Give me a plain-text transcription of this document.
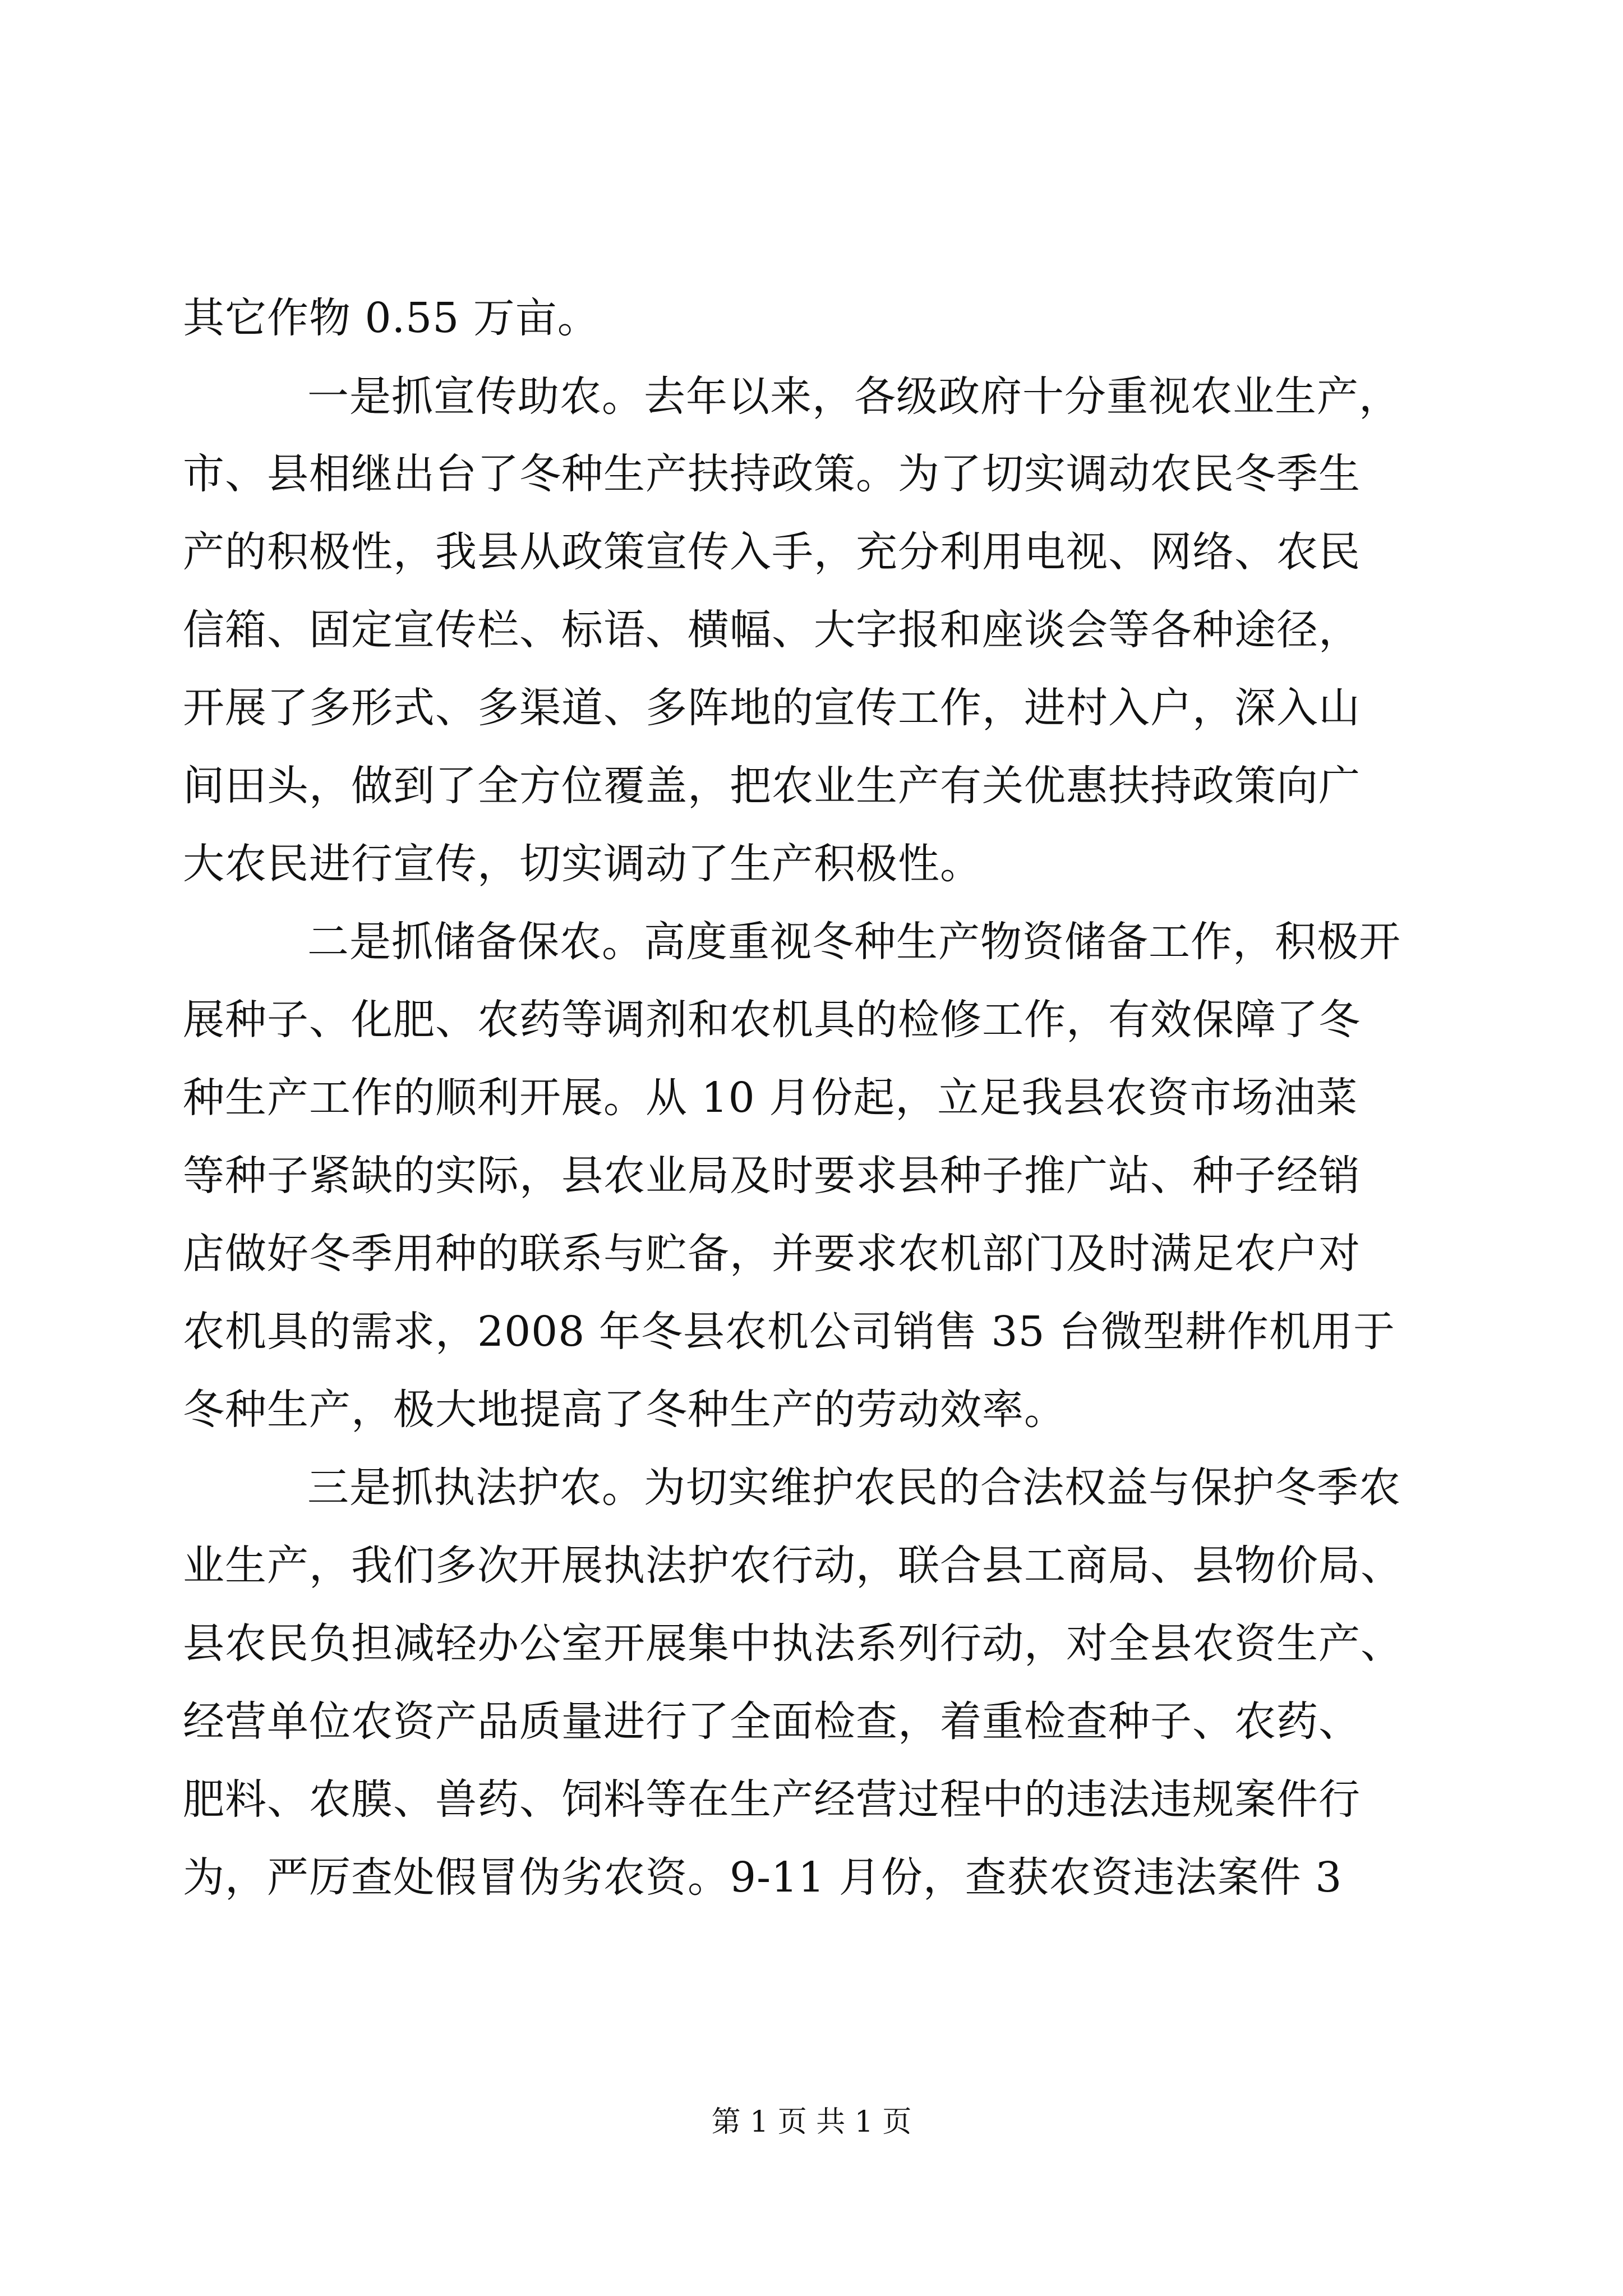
其它作物 0.55 万亩。
一是抓宣传助农。去年以来，各级政府十分重视农业生产，
市、县相继出台了冬种生产扶持政策。为了切实调动农民冬季生
产的积极性，我县从政策宣传入手，充分利用电视、网络、农民
信箱、固定宣传栏、标语、横幅、大字报和座谈会等各种途径，
开展了多形式、多渠道、多阵地的宣传工作，进村入户，深入山
间田头，做到了全方位覆盖，把农业生产有关优惠扶持政策向广
大农民进行宣传，切实调动了生产积极性。
二是抓储备保农。高度重视冬种生产物资储备工作，积极开
展种子、化肥、农药等调剂和农机具的检修工作，有效保障了冬
种生产工作的顺利开展。从 10 月份起，立足我县农资市场油菜
等种子紧缺的实际，县农业局及时要求县种子推广站、种子经销
店做好冬季用种的联系与贮备，并要求农机部门及时满足农户对
农机具的需求，2008 年冬县农机公司销售 35 台微型耕作机用于
冬种生产，极大地提高了冬种生产的劳动效率。
三是抓执法护农。为切实维护农民的合法权益与保护冬季农
业生产，我们多次开展执法护农行动，联合县工商局、县物价局、
县农民负担减轻办公室开展集中执法系列行动，对全县农资生产、
经营单位农资产品质量进行了全面检查，着重检查种子、农药、
肥料、农膜、兽药、饲料等在生产经营过程中的违法违规案件行
为，严厉查处假冒伪劣农资。9-11 月份，查获农资违法案件 3
第 1 页 共 1 页
